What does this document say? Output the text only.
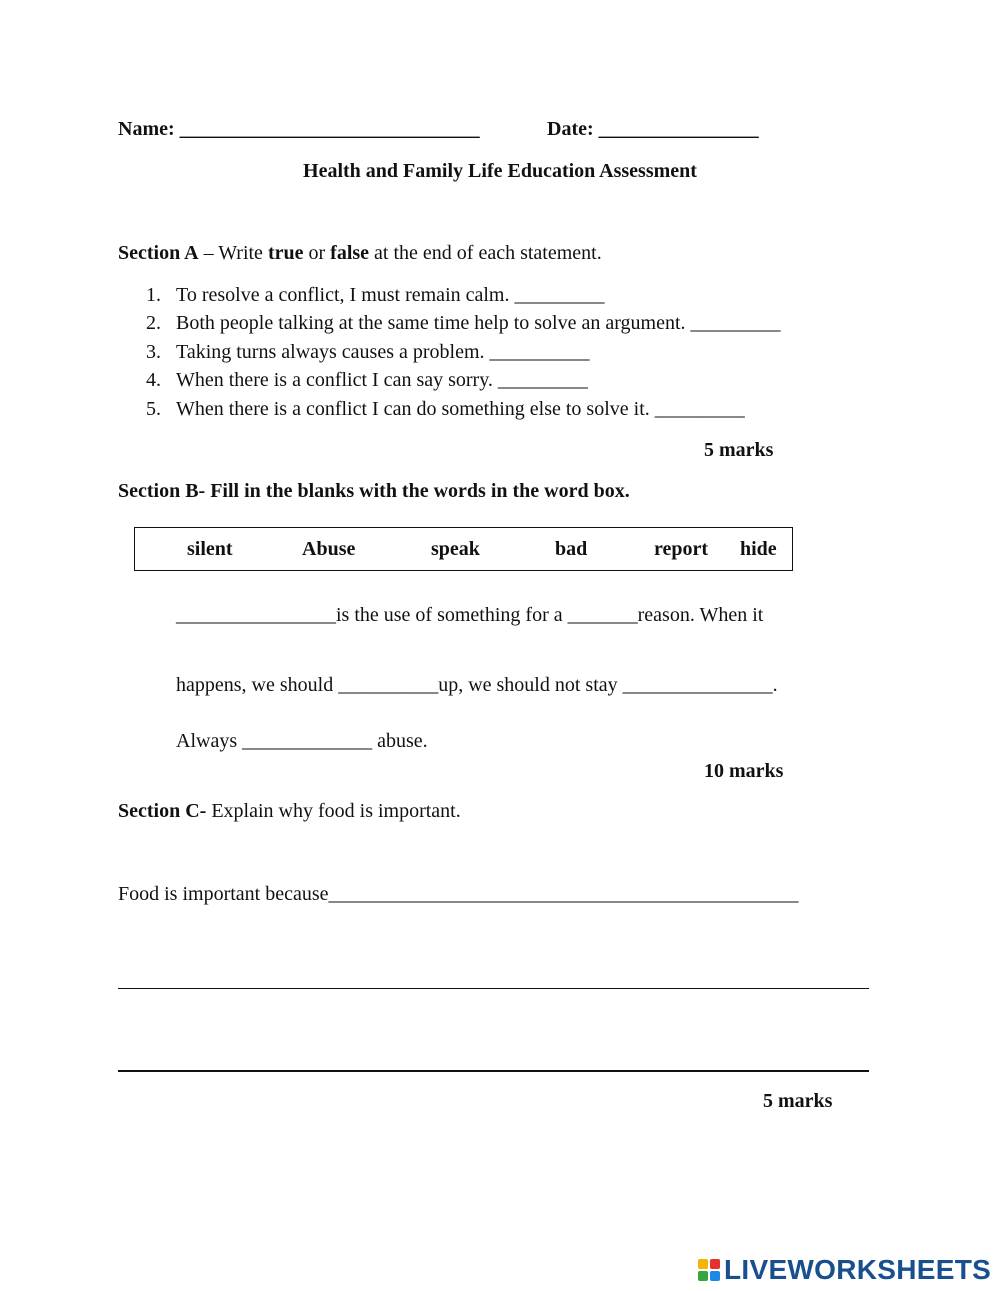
Name: ______________________________	Date: ________________
Health and Family Life Education Assessment
Section A – Write true or false at the end of each statement.
1. To resolve a conflict, I must remain calm. _________
2. Both people talking at the same time help to solve an argument. _________
3. Taking turns always causes a problem. __________
4. When there is a conflict I can say sorry. _________
5. When there is a conflict I can do something else to solve it. _________
5 marks
Section B- Fill in the blanks with the words in the word box.
silent	Abuse	speak	bad	report hide
________________is the use of something for a _______reason. When it
happens, we should __________up, we should not stay _______________.
Always _____________ abuse.
10 marks
Section C- Explain why food is important.
Food is important because_______________________________________________
5 marks
LIVEWORKSHEETS
